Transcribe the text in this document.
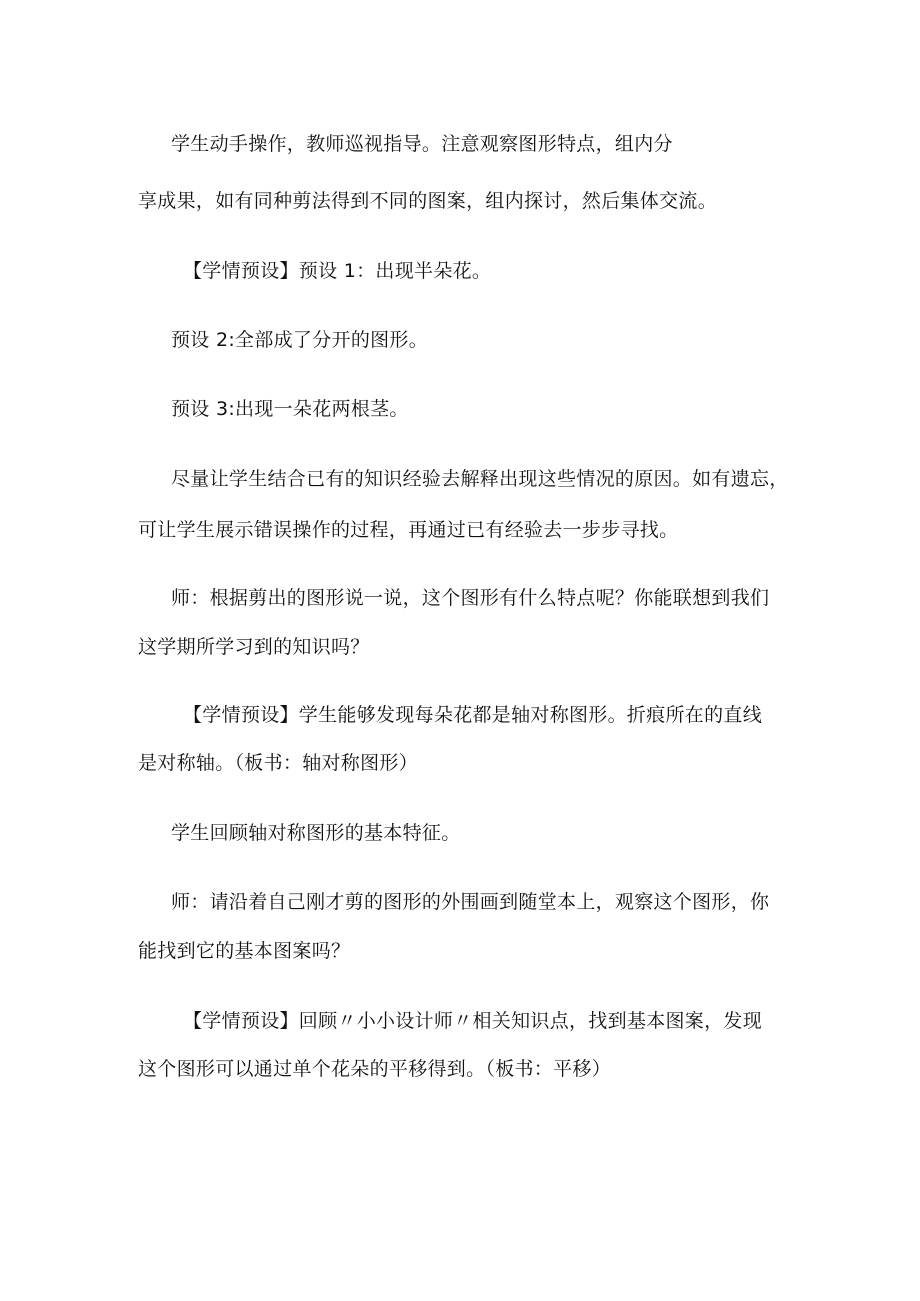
学生动手操作，教师巡视指导。注意观察图形特点，组内分
享成果，如有同种剪法得到不同的图案，组内探讨，然后集体交流。
【学情预设】预设 1：出现半朵花。
预设 2:全部成了分开的图形。
预设 3:出现一朵花两根茎。
尽量让学生结合已有的知识经验去解释出现这些情况的原因。如有遗忘，
可让学生展示错误操作的过程，再通过已有经验去一步步寻找。
师：根据剪出的图形说一说，这个图形有什么特点呢？你能联想到我们
这学期所学习到的知识吗？
【学情预设】学生能够发现每朵花都是轴对称图形。折痕所在的直线
是对称轴。（板书：轴对称图形）
学生回顾轴对称图形的基本特征。
师：请沿着自己刚才剪的图形的外围画到随堂本上，观察这个图形，你
能找到它的基本图案吗？
【学情预设】回顾〃小小设计师〃相关知识点，找到基本图案，发现
这个图形可以通过单个花朵的平移得到。（板书：平移）
